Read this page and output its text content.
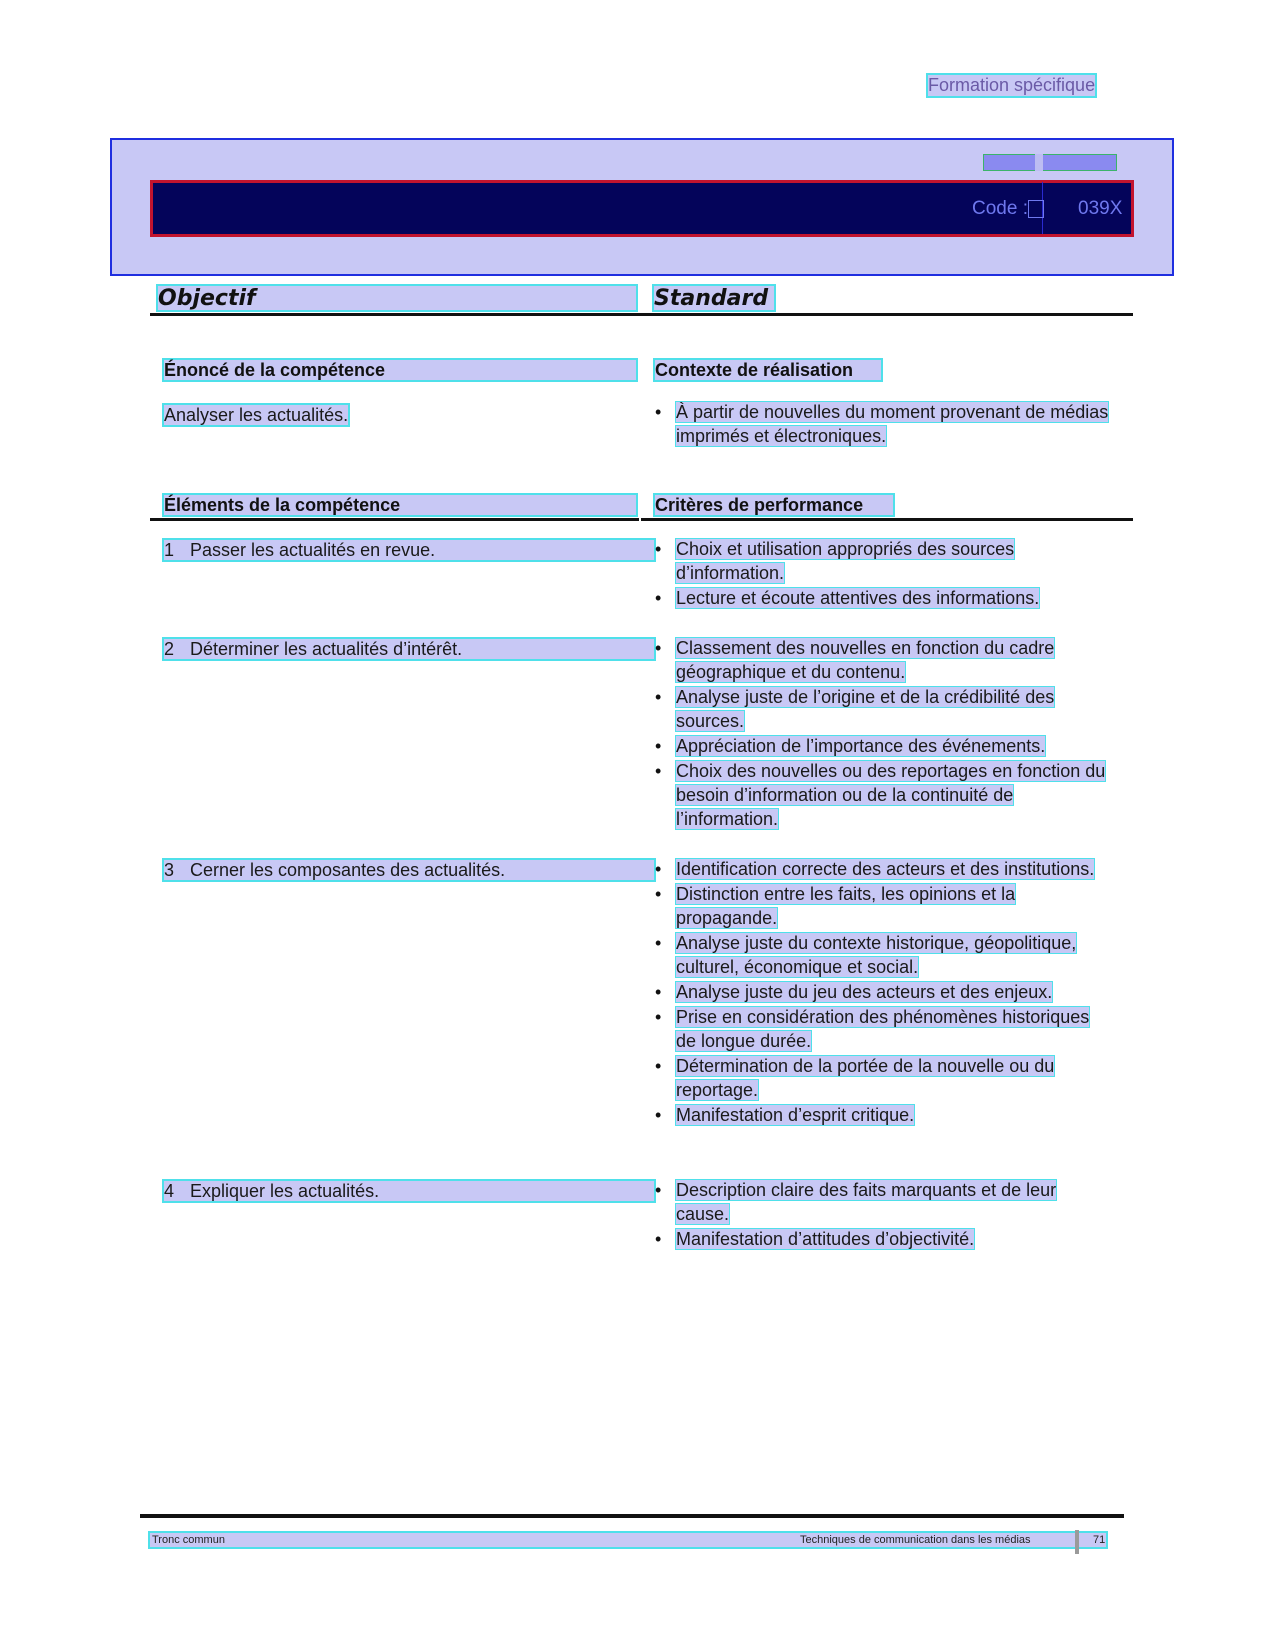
Formation spécifique
Code :	039X
Objectif	Standard
Énoncé de la compétence	Contexte de réalisation
Analyser les actualités.	• À partir de nouvelles du moment provenant de médias imprimés et électroniques.
Éléments de la compétence	Critères de performance
1 Passer les actualités en revue.	• Choix et utilisation appropriés des sources d’information.
• Lecture et écoute attentives des informations.
2 Déterminer les actualités d’intérêt.	• Classement des nouvelles en fonction du cadre géographique et du contenu.
• Analyse juste de l’origine et de la crédibilité des sources.
• Appréciation de l’importance des événements.
• Choix des nouvelles ou des reportages en fonction du besoin d’information ou de la continuité de l’information.
3 Cerner les composantes des actualités.	• Identification correcte des acteurs et des institutions.
• Distinction entre les faits, les opinions et la propagande.
• Analyse juste du contexte historique, géopolitique, culturel, économique et social.
• Analyse juste du jeu des acteurs et des enjeux.
• Prise en considération des phénomènes historiques de longue durée.
• Détermination de la portée de la nouvelle ou du reportage.
• Manifestation d’esprit critique.
4 Expliquer les actualités.	• Description claire des faits marquants et de leur cause.
• Manifestation d’attitudes d’objectivité.
Tronc commun	Techniques de communication dans les médias	71
